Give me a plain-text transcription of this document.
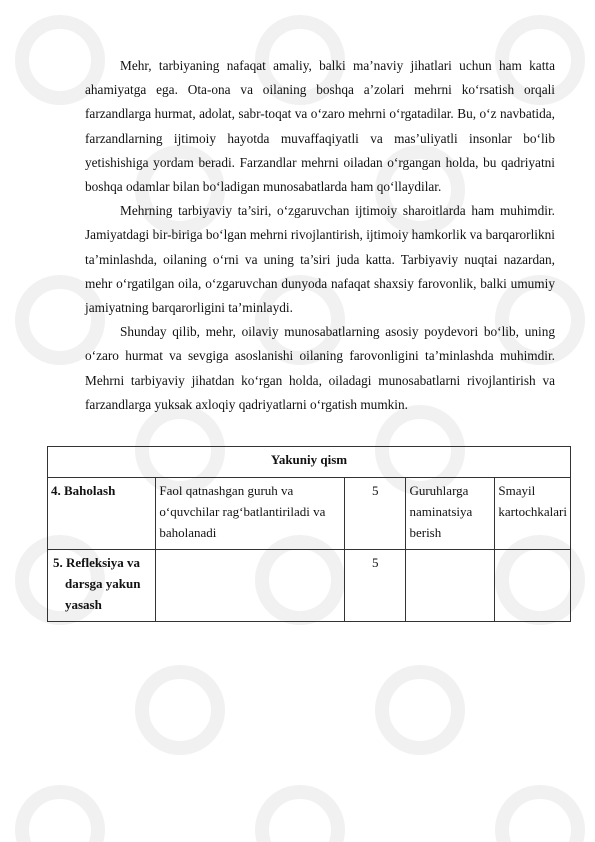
Mehr, tarbiyaning nafaqat amaliy, balki ma’naviy jihatlari uchun ham katta ahamiyatga ega. Ota-ona va oilaning boshqa a’zolari mehrni ko‘rsatish orqali farzandlarga hurmat, adolat, sabr-toqat va o‘zaro mehrni o‘rgatadilar. Bu, o‘z navbatida, farzandlarning ijtimoiy hayotda muvaffaqiyatli va mas’uliyatli insonlar bo‘lib yetishishiga yordam beradi. Farzandlar mehrni oiladan o‘rgangan holda, bu qadriyatni boshqa odamlar bilan bo‘ladigan munosabatlarda ham qo‘llaydilar.

Mehrning tarbiyaviy ta’siri, o‘zgaruvchan ijtimoiy sharoitlarda ham muhimdir. Jamiyatdagi bir-biriga bo‘lgan mehrni rivojlantirish, ijtimoiy hamkorlik va barqarorlikni ta’minlashda, oilaning o‘rni va uning ta’siri juda katta. Tarbiyaviy nuqtai nazardan, mehr o‘rgatilgan oila, o‘zgaruvchan dunyoda nafaqat shaxsiy farovonlik, balki umumiy jamiyatning barqarorligini ta’minlaydi.

Shunday qilib, mehr, oilaviy munosabatlarning asosiy poydevori bo‘lib, uning o‘zaro hurmat va sevgiga asoslanishi oilaning farovonligini ta’minlashda muhimdir. Mehrni tarbiyaviy jihatdan ko‘rgan holda, oiladagi munosabatlarni rivojlantirish va farzandlarga yuksak axloqiy qadriyatlarni o‘rgatish mumkin.

Yakuniy qism				
4. Baholash	Faol qatnashgan guruh va o‘quvchilar rag‘batlantiriladi va baholanadi	5	Guruhlarga naminatsiya berish	Smayil kartochkalari

5. Refleksiya va darsga yakun yasash		5		
